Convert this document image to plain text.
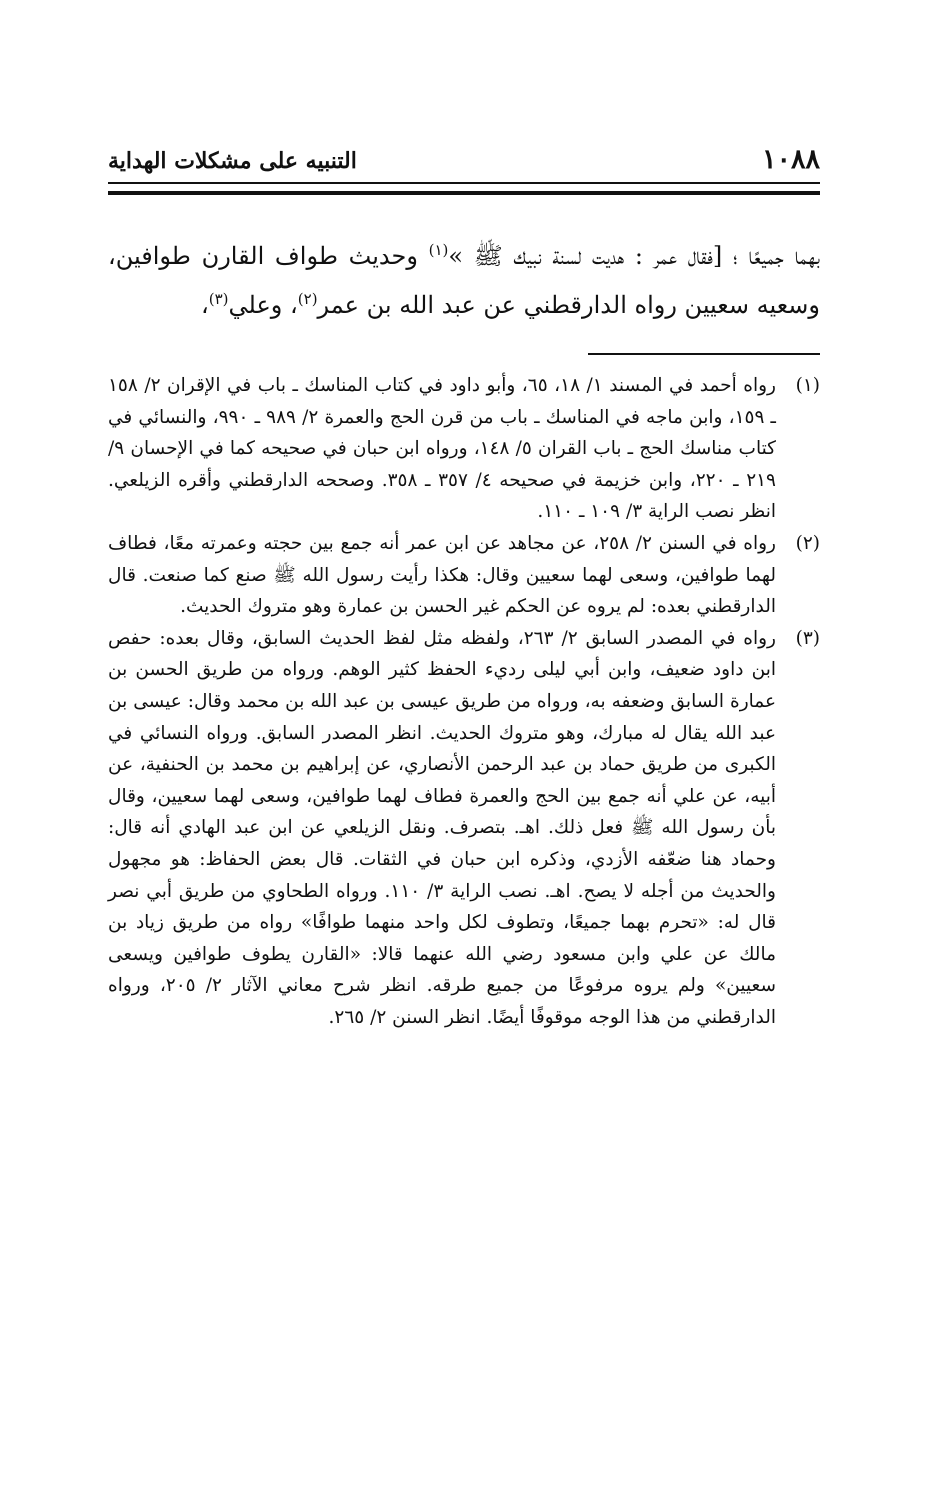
١٠٨٨
التنبيه على مشكلات الهداية

بهما جميعًا ؛ [فقال عمر : هديت لسنة نبيك ﷺ »$^{(١)}$ وحديث طواف القارن طوافين، وسعيه سعيين رواه الدارقطني عن عبد الله بن عمر$^{(٢)}$، وعلي$^{(٣)}$،

(١)
رواه أحمد في المسند ١/ ١٨، ٦٥، وأبو داود في كتاب المناسك ـ باب في الإقران ٢/ ١٥٨ ـ ١٥٩، وابن ماجه في المناسك ـ باب من قرن الحج والعمرة ٢/ ٩٨٩ ـ ٩٩٠، والنسائي في كتاب مناسك الحج ـ باب القران ٥/ ١٤٨، ورواه ابن حبان في صحيحه كما في الإحسان ٩/ ٢١٩ ـ ٢٢٠، وابن خزيمة في صحيحه ٤/ ٣٥٧ ـ ٣٥٨. وصححه الدارقطني وأقره الزيلعي. انظر نصب الراية ٣/ ١٠٩ ـ ١١٠.

(٢)
رواه في السنن ٢/ ٢٥٨، عن مجاهد عن ابن عمر أنه جمع بين حجته وعمرته معًا، فطاف لهما طوافين، وسعى لهما سعيين وقال: هكذا رأيت رسول الله ﷺ صنع كما صنعت. قال الدارقطني بعده: لم يروه عن الحكم غير الحسن بن عمارة وهو متروك الحديث.

(٣)
رواه في المصدر السابق ٢/ ٢٦٣، ولفظه مثل لفظ الحديث السابق، وقال بعده: حفص ابن داود ضعيف، وابن أبي ليلى رديء الحفظ كثير الوهم. ورواه من طريق الحسن بن عمارة السابق وضعفه به، ورواه من طريق عيسى بن عبد الله بن محمد وقال: عيسى بن عبد الله يقال له مبارك، وهو متروك الحديث. انظر المصدر السابق. ورواه النسائي في الكبرى من طريق حماد بن عبد الرحمن الأنصاري، عن إبراهيم بن محمد بن الحنفية، عن أبيه، عن علي أنه جمع بين الحج والعمرة فطاف لهما طوافين، وسعى لهما سعيين، وقال بأن رسول الله ﷺ فعل ذلك. اهـ. بتصرف. ونقل الزيلعي عن ابن عبد الهادي أنه قال: وحماد هنا ضعّفه الأزدي، وذكره ابن حبان في الثقات. قال بعض الحفاظ: هو مجهول والحديث من أجله لا يصح. اهـ. نصب الراية ٣/ ١١٠. ورواه الطحاوي من طريق أبي نصر قال له: «تحرم بهما جميعًا، وتطوف لكل واحد منهما طوافًا» رواه من طريق زياد بن مالك عن علي وابن مسعود رضي الله عنهما قالا: «القارن يطوف طوافين ويسعى سعيين» ولم يروه مرفوعًا من جميع طرقه. انظر شرح معاني الآثار ٢/ ٢٠٥، ورواه الدارقطني من هذا الوجه موقوفًا أيضًا. انظر السنن ٢/ ٢٦٥.
